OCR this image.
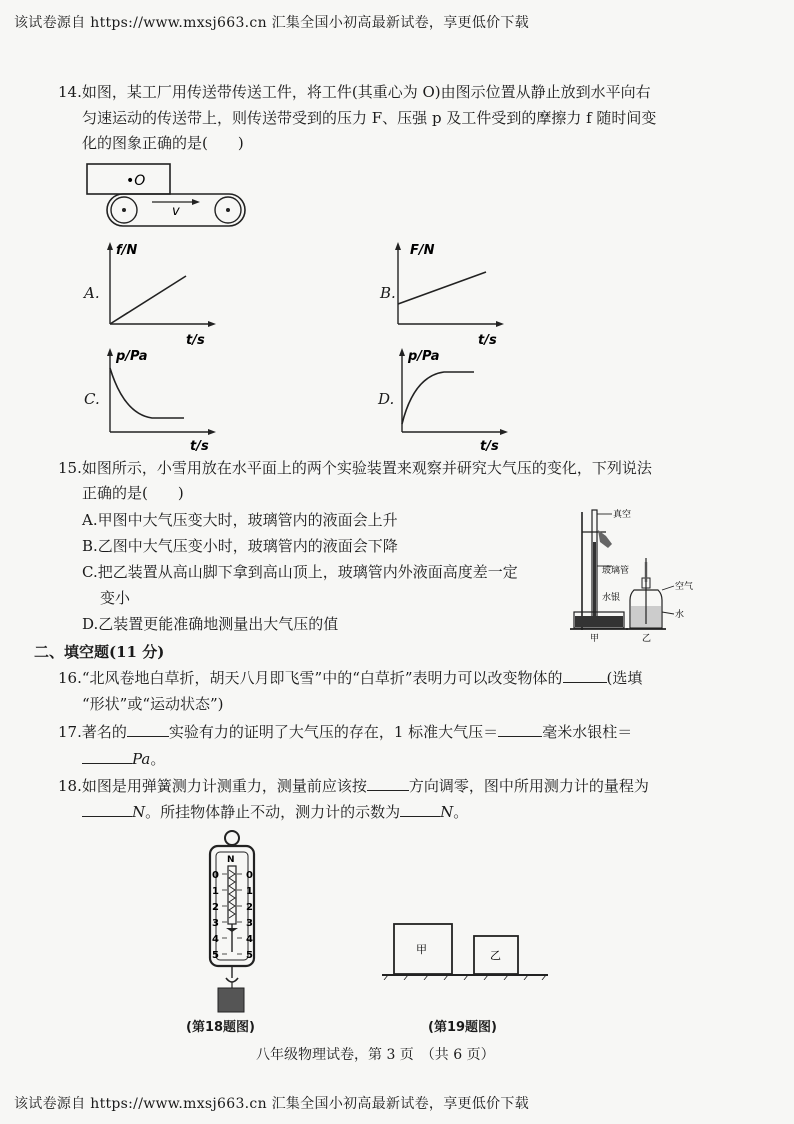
该试卷源自 https://www.mxsj663.cn 汇集全国小初高最新试卷，享更低价下载
14.如图，某工厂用传送带传送工件，将工件(其重心为 O)由图示位置从静止放到水平向右
匀速运动的传送带上，则传送带受到的压力 F、压强 p 及工件受到的摩擦力 f 随时间变
化的图象正确的是(　　)
•O
v
A.
f/N
t/s
B.
F/N
t/s
C.
p/Pa
t/s
D.
p/Pa
t/s
15.如图所示，小雪用放在水平面上的两个实验装置来观察并研究大气压的变化，下列说法
正确的是(　　)
A.甲图中大气压变大时，玻璃管内的液面会上升
B.乙图中大气压变小时，玻璃管内的液面会下降
C.把乙装置从高山脚下拿到高山顶上，玻璃管内外液面高度差一定
变小
D.乙装置更能准确地测量出大气压的值
真空
玻璃管
水银
甲
空气
水
乙
二、填空题(11 分)
16.“北风卷地白草折，胡天八月即飞雪”中的“白草折”表明力可以改变物体的	(选填
“形状”或“运动状态”)
17.著名的	实验有力的证明了大气压的存在，1 标准大气压＝	毫米水银柱＝
Pa。
18.如图是用弹簧测力计测重力，测量前应该按	方向调零，图中所用测力计的量程为
N。所挂物体静止不动，测力计的示数为	N。
N
0
1
2
3
4
5
0
1
2
3
4
5
(第18题图)
甲	乙
(第19题图)
八年级物理试卷，第 3 页　（共 6 页）
该试卷源自 https://www.mxsj663.cn 汇集全国小初高最新试卷，享更低价下载
